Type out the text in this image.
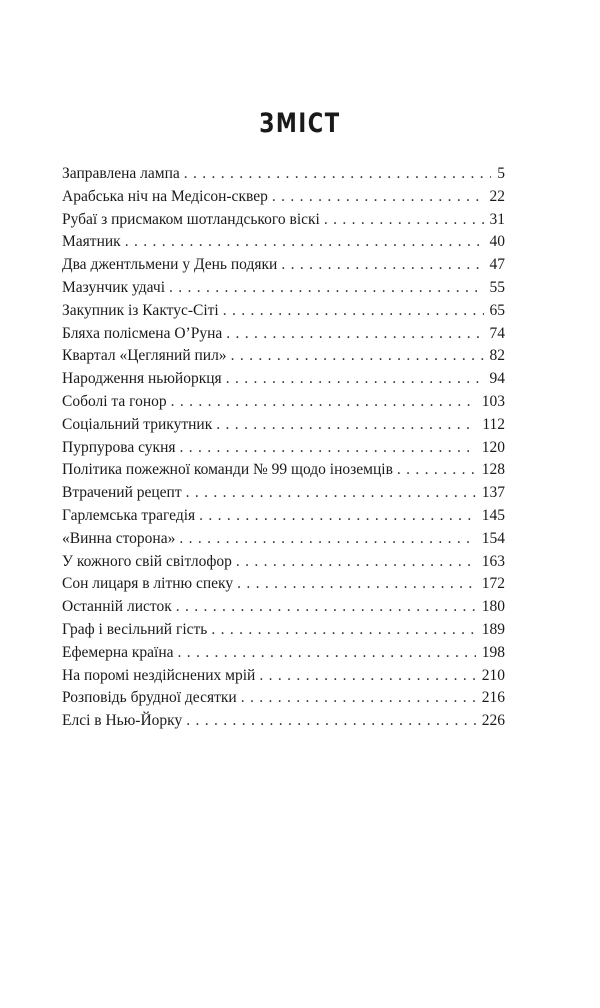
ЗМІСТ
Заправлена лампа . . .	5
Арабська ніч на Медісон-сквер . . .	22
Рубаї з присмаком шотландського віскі . . .	31
Маятник . . .	40
Два джентльмени у День подяки . . .	47
Мазунчик удачі . . .	55
Закупник із Кактус-Сіті . . .	65
Бляха полісмена О’Руна . . .	74
Квартал «Цегляний пил» . . .	82
Народження ньюйоркця . . .	94
Соболі та гонор . . .	103
Соціальний трикутник . . .	112
Пурпурова сукня . . .	120
Політика пожежної команди № 99 щодо іноземців . . .	128
Втрачений рецепт . . .	137
Гарлемська трагедія . . .	145
«Винна сторона» . . .	154
У кожного свій світлофор . . .	163
Сон лицаря в літню спеку . . .	172
Останній листок . . .	180
Граф і весільний гість . . .	189
Ефемерна країна . . .	198
На поромі нездійснених мрій . . .	210
Розповідь брудної десятки . . .	216
Елсі в Нью-Йорку . . .	226
